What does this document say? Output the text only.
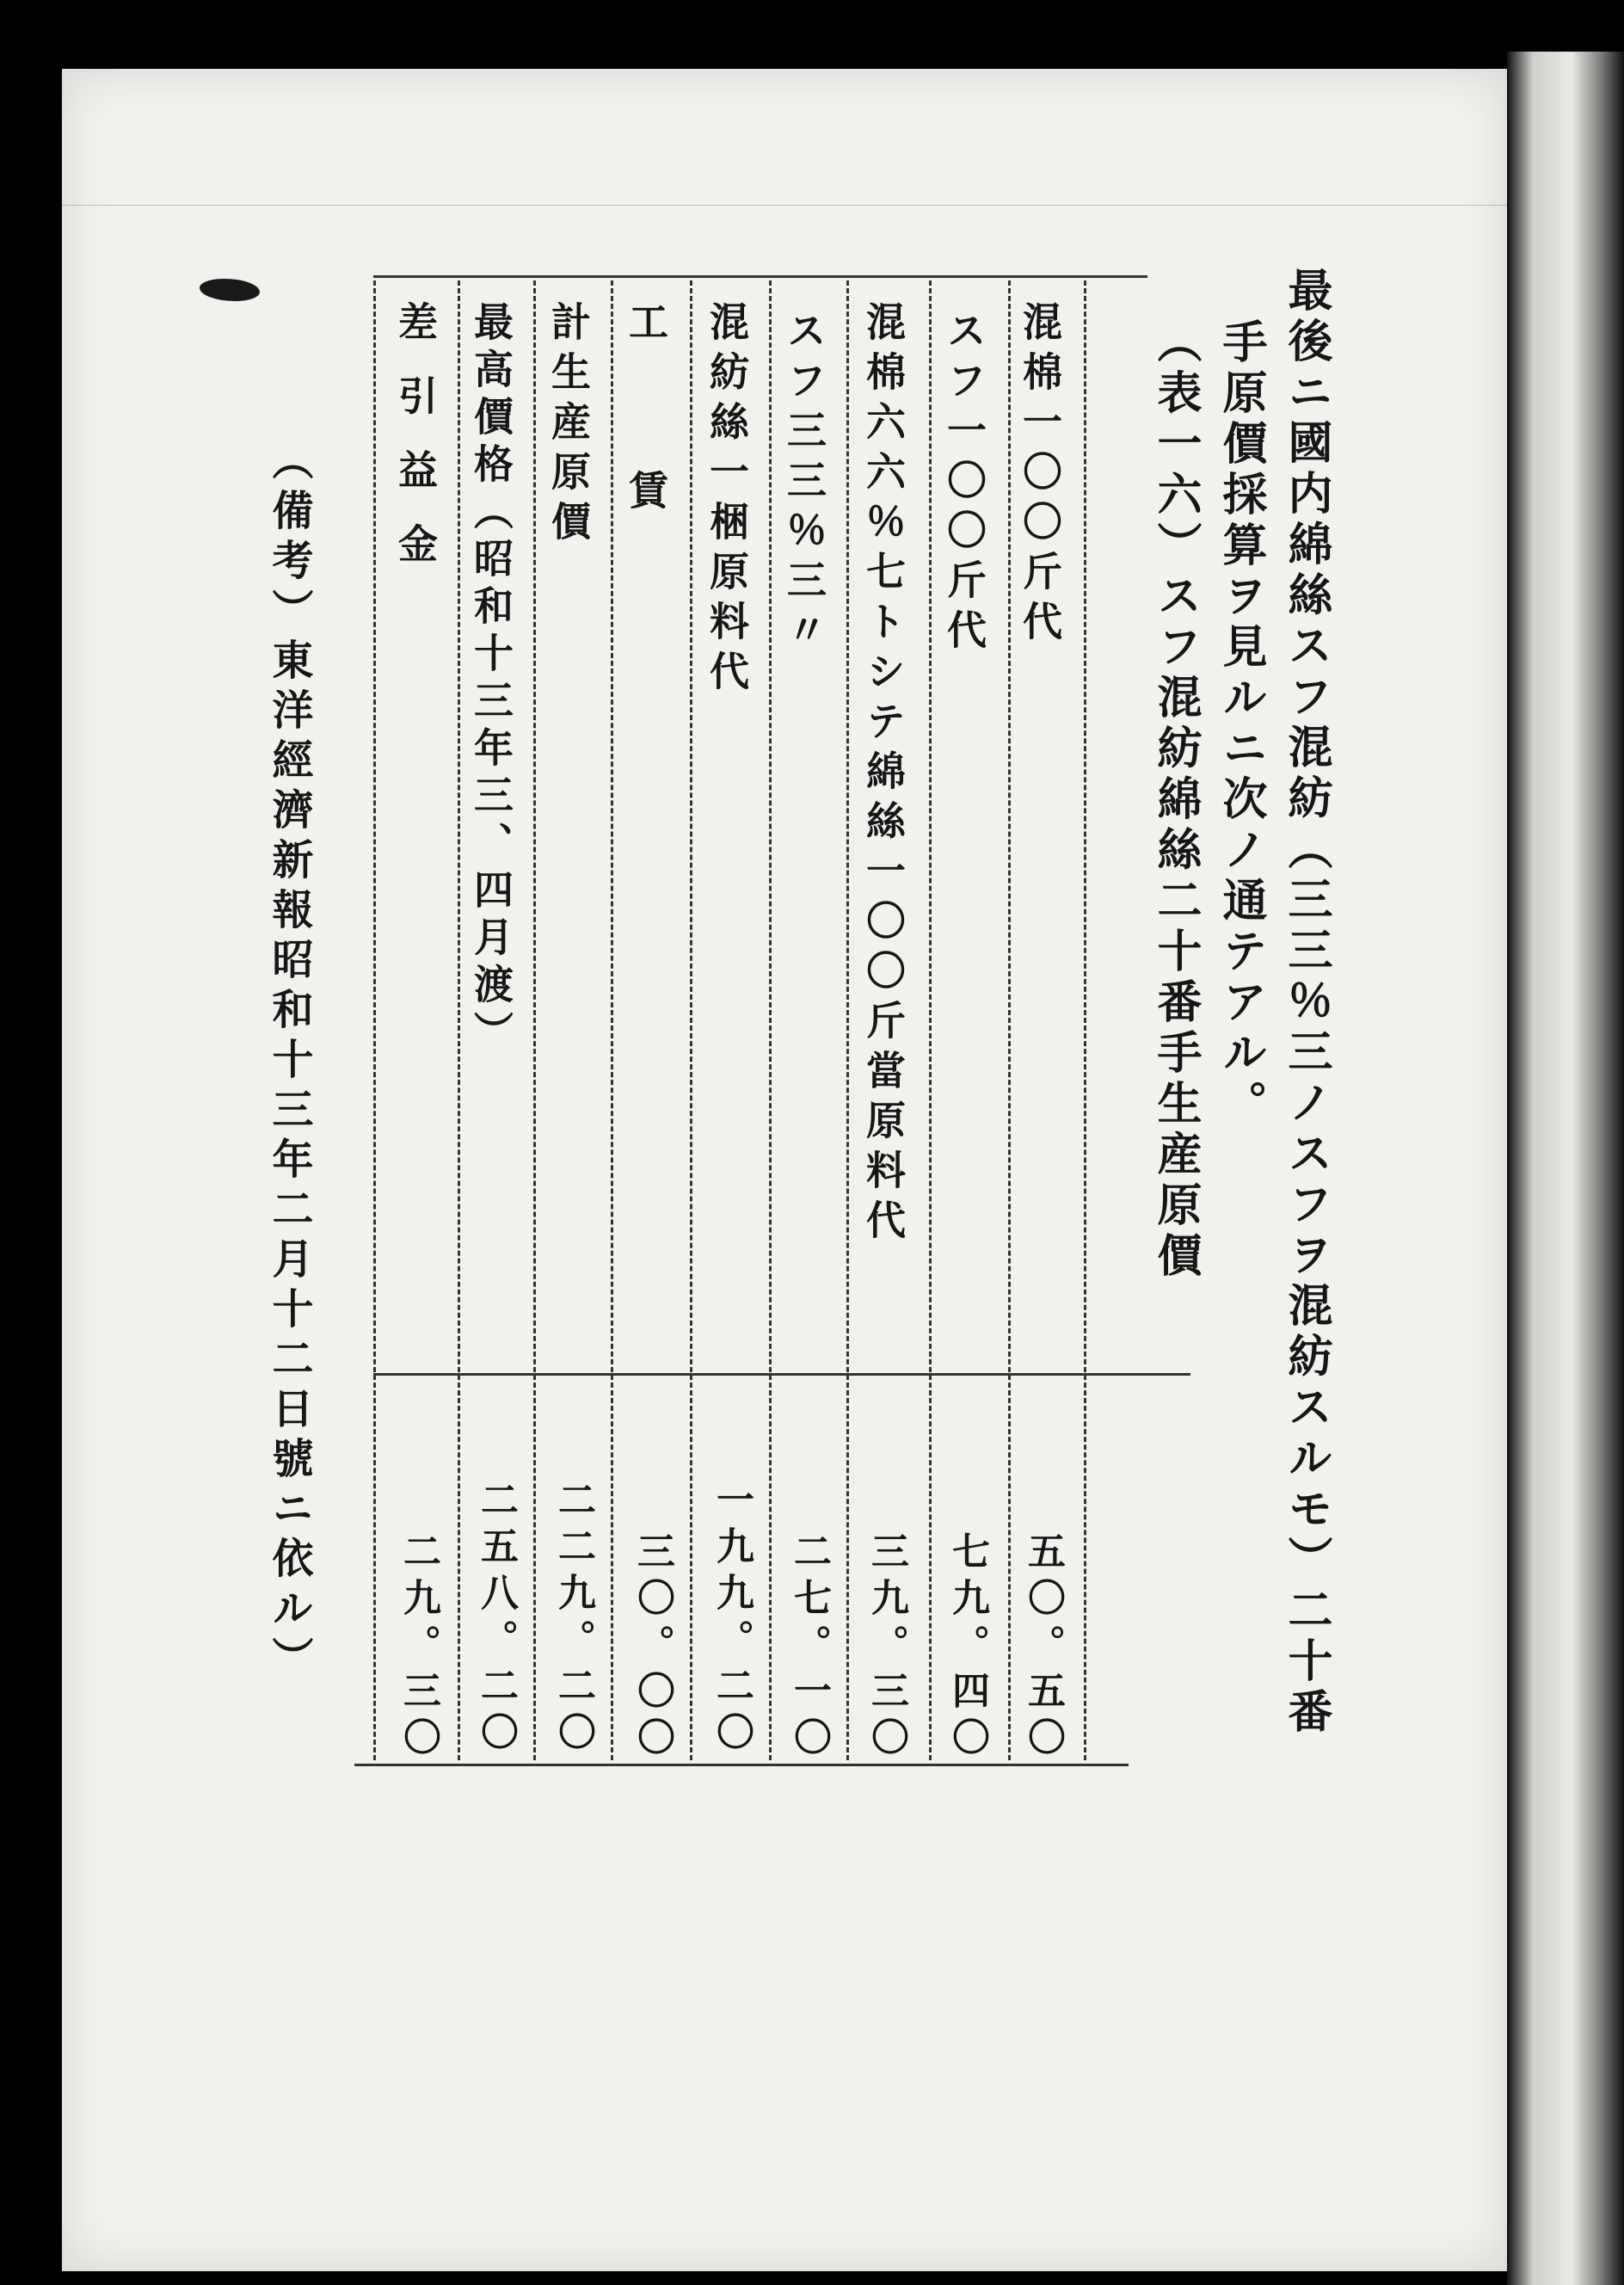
最後ニ國内綿絲スフ混紡（三三％三ノスフヲ混紡スルモ）二十番
手原價採算ヲ見ルニ次ノ通テアル。
（表一六）スフ混紡綿絲二十番手生産原價
混棉一〇〇斤代
スフ一〇〇斤代
混棉六六％七トシテ綿絲一〇〇斤當原料代
スフ三三％三〃
混紡絲一梱原料代
工賃
計生産原價
最高價格（昭和十三年三、四月渡）
差引益金
五〇。五〇
七九。四〇
三九。三〇
二七。一〇
一九九。二〇
三〇。〇〇
二二九。二〇
二五八。二〇
二九。三〇
（備考）東洋經濟新報昭和十三年二月十二日號ニ依ル）
